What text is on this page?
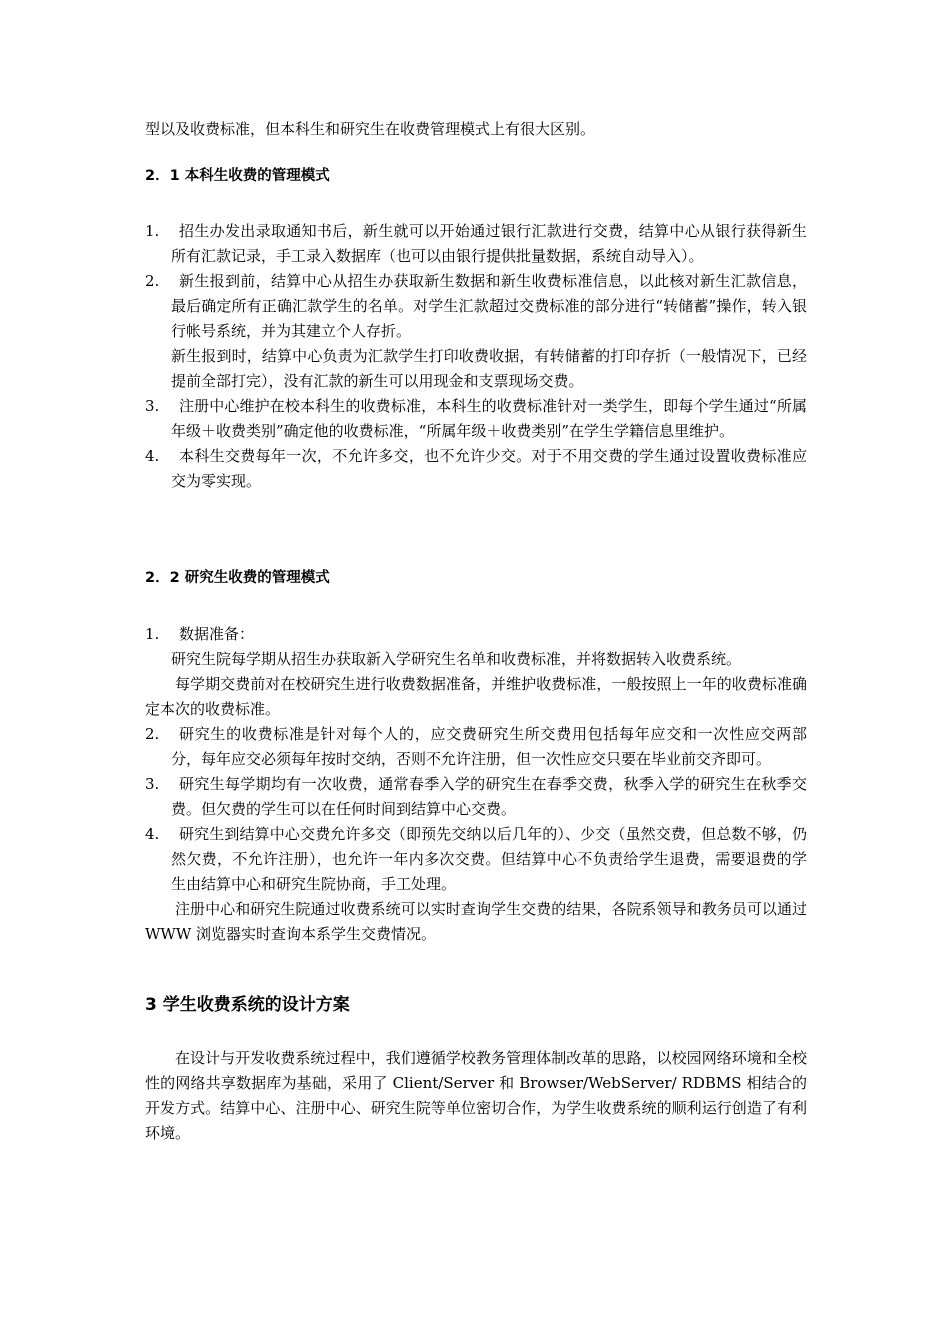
型以及收费标准，但本科生和研究生在收费管理模式上有很大区别。

2．1 本科生收费的管理模式

1.	招生办发出录取通知书后，新生就可以开始通过银行汇款进行交费，结算中心从银行获得新生所有汇款记录，手工录入数据库（也可以由银行提供批量数据，系统自动导入）。
2.	新生报到前，结算中心从招生办获取新生数据和新生收费标准信息，以此核对新生汇款信息，最后确定所有正确汇款学生的名单。对学生汇款超过交费标准的部分进行“转储蓄”操作，转入银行帐号系统，并为其建立个人存折。

新生报到时，结算中心负责为汇款学生打印收费收据，有转储蓄的打印存折（一般情况下，已经提前全部打完），没有汇款的新生可以用现金和支票现场交费。

3.	注册中心维护在校本科生的收费标准，本科生的收费标准针对一类学生，即每个学生通过“所属年级＋收费类别”确定他的收费标准，“所属年级＋收费类别”在学生学籍信息里维护。
4.	本科生交费每年一次，不允许多交，也不允许少交。对于不用交费的学生通过设置收费标准应交为零实现。

2．2 研究生收费的管理模式

1.	数据准备：

研究生院每学期从招生办获取新入学研究生名单和收费标准，并将数据转入收费系统。

每学期交费前对在校研究生进行收费数据准备，并维护收费标准，一般按照上一年的收费标准确定本次的收费标准。

2.	研究生的收费标准是针对每个人的，应交费研究生所交费用包括每年应交和一次性应交两部分，每年应交必须每年按时交纳，否则不允许注册，但一次性应交只要在毕业前交齐即可。
3.	研究生每学期均有一次收费，通常春季入学的研究生在春季交费，秋季入学的研究生在秋季交费。但欠费的学生可以在任何时间到结算中心交费。
4.	研究生到结算中心交费允许多交（即预先交纳以后几年的）、少交（虽然交费，但总数不够，仍然欠费，不允许注册），也允许一年内多次交费。但结算中心不负责给学生退费，需要退费的学生由结算中心和研究生院协商，手工处理。

注册中心和研究生院通过收费系统可以实时查询学生交费的结果，各院系领导和教务员可以通过 WWW 浏览器实时查询本系学生交费情况。

3 学生收费系统的设计方案

在设计与开发收费系统过程中，我们遵循学校教务管理体制改革的思路，以校园网络环境和全校性的网络共享数据库为基础，采用了 Client/Server 和 Browser/WebServer/ RDBMS 相结合的开发方式。结算中心、注册中心、研究生院等单位密切合作，为学生收费系统的顺利运行创造了有利环境。
